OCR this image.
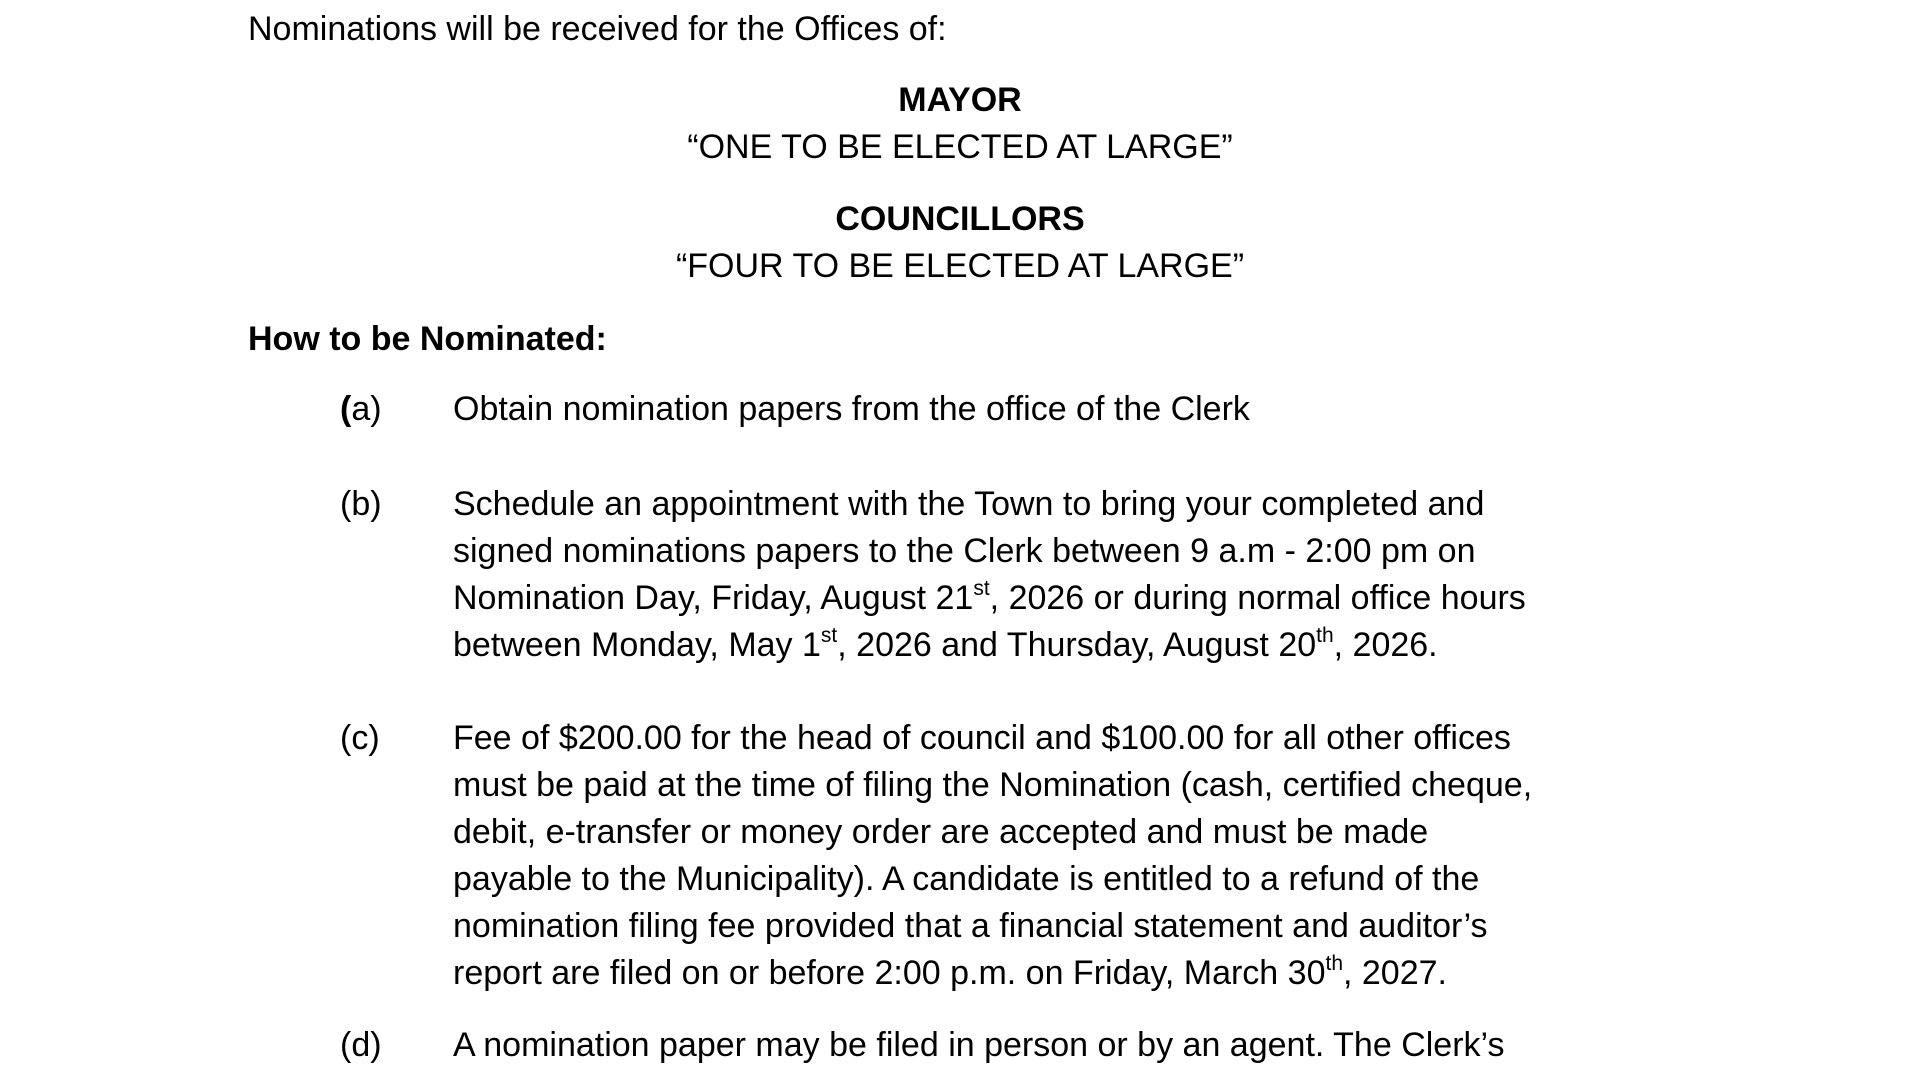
Nominations will be received for the Offices of:
MAYOR
“ONE TO BE ELECTED AT LARGE”
COUNCILLORS
“FOUR TO BE ELECTED AT LARGE”
How to be Nominated:
(a) Obtain nomination papers from the office of the Clerk
(b) Schedule an appointment with the Town to bring your completed and
signed nominations papers to the Clerk between 9 a.m - 2:00 pm on
Nomination Day, Friday, August 21st, 2026 or during normal office hours
between Monday, May 1st, 2026 and Thursday, August 20th, 2026.
(c) Fee of $200.00 for the head of council and $100.00 for all other offices
must be paid at the time of filing the Nomination (cash, certified cheque,
debit, e-transfer or money order are accepted and must be made
payable to the Municipality). A candidate is entitled to a refund of the
nomination filing fee provided that a financial statement and auditor’s
report are filed on or before 2:00 p.m. on Friday, March 30th, 2027.
(d) A nomination paper may be filed in person or by an agent. The Clerk’s
